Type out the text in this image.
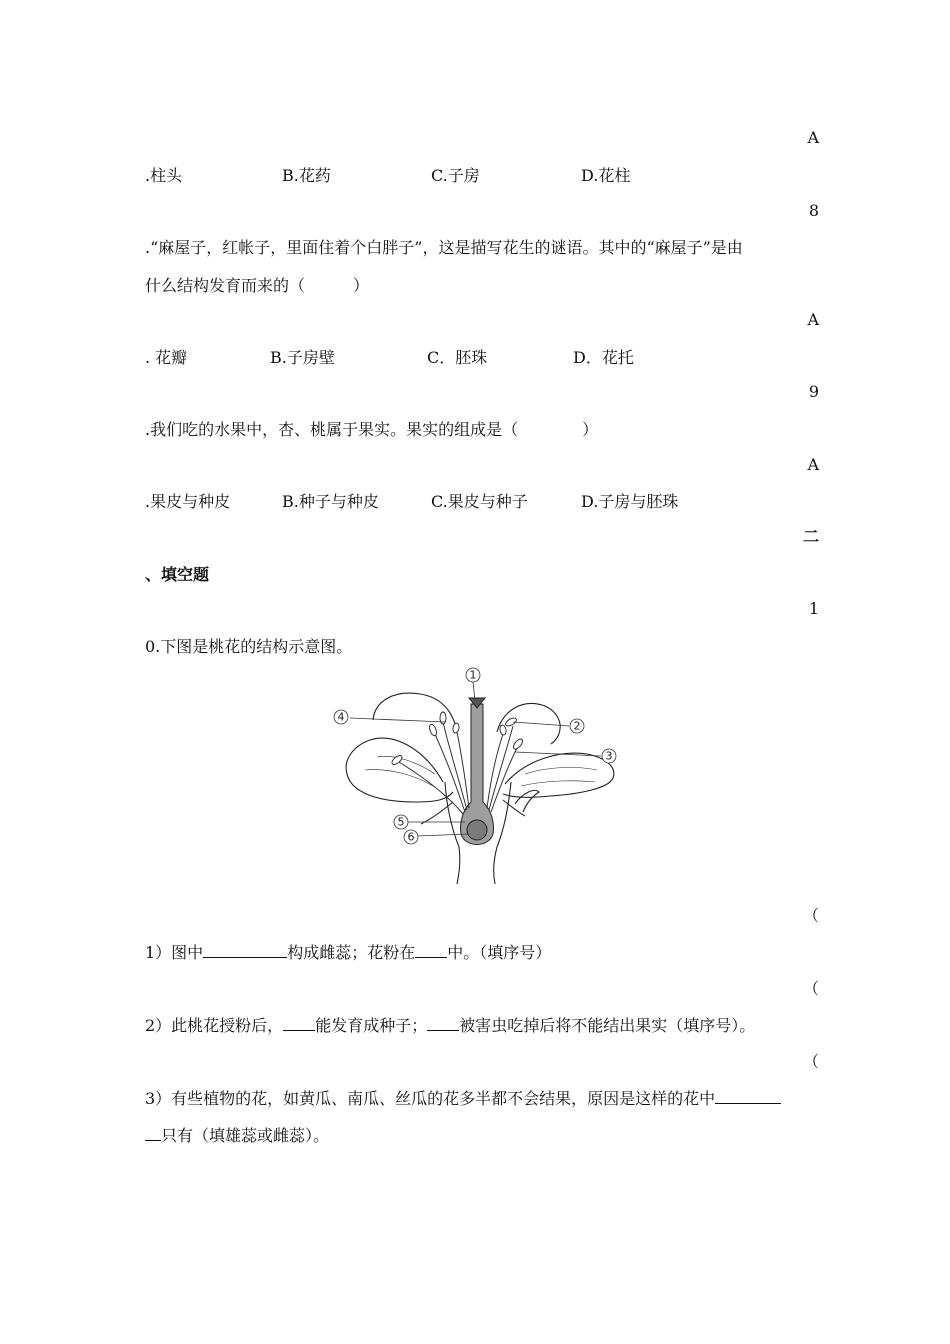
A
.柱头	B.花药	C.子房	D.花柱
8
.“麻屋子，红帐子，里面住着个白胖子”，这是描写花生的谜语。其中的“麻屋子”是由
什么结构发育而来的（　　　）
A
. 花瓣	B.子房壁	C．胚珠	D．花托
9
.我们吃的水果中，杏、桃属于果实。果实的组成是（　　　　）
A
.果皮与种皮	B.种子与种皮	C.果皮与种子	D.子房与胚珠
二
、填空题
1
0.下图是桃花的结构示意图。
1
4
2
3
5
6
（
1）图中	构成雌蕊；花粉在 中。（填序号）
（
2）此桃花授粉后， 能发育成种子； 被害虫吃掉后将不能结出果实（填序号）。
（
3）有些植物的花，如黄瓜、南瓜、丝瓜的花多半都不会结果，原因是这样的花中
只有（填雄蕊或雌蕊）。
